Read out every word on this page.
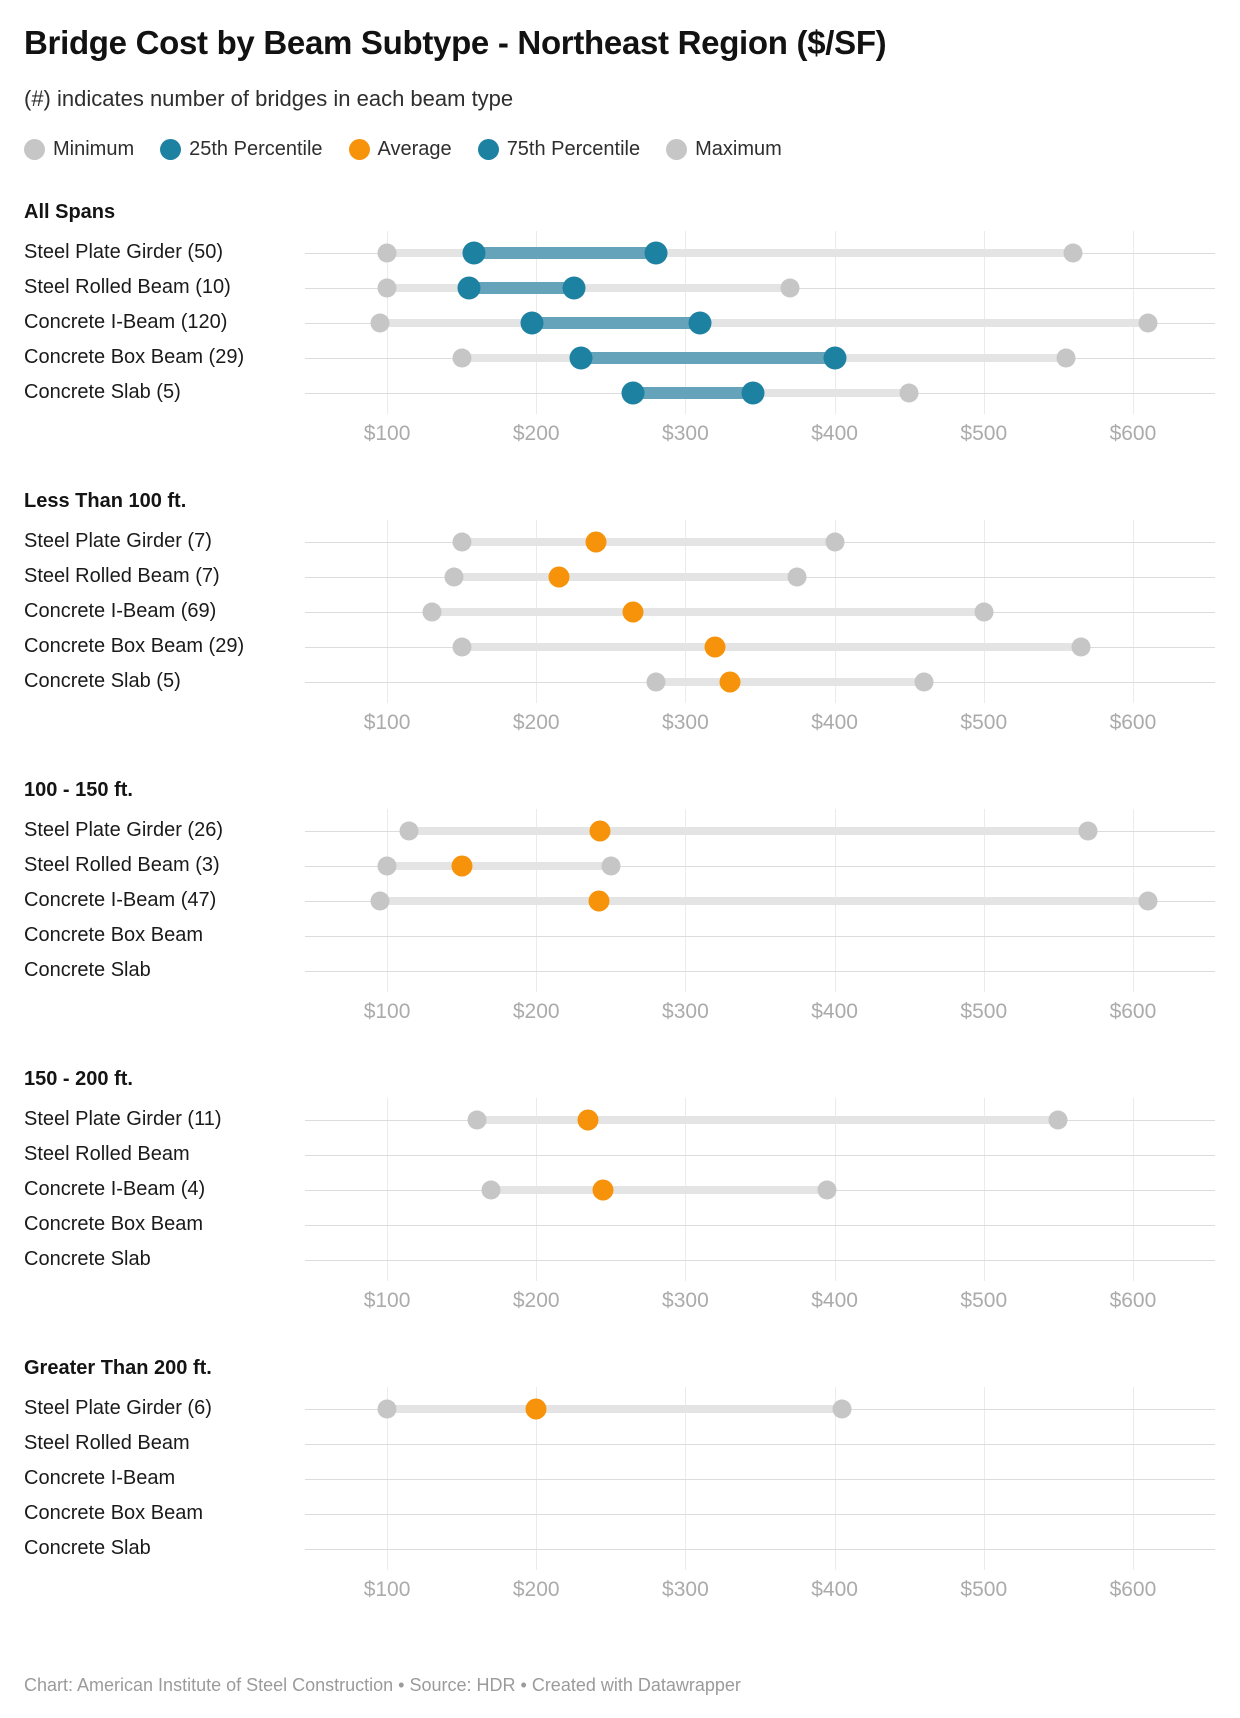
Bridge Cost by Beam Subtype - Northeast Region ($/SF)

(#) indicates number of bridges in each beam type

Minimum	25th Percentile	Average	75th Percentile	Maximum
All Spans
Steel Plate Girder (50)
Steel Rolled Beam (10)
Concrete I-Beam (120)
Concrete Box Beam (29)
Concrete Slab (5)
$100	$200	$300	$400	$500	$600
Less Than 100 ft.
Steel Plate Girder (7)
Steel Rolled Beam (7)
Concrete I-Beam (69)
Concrete Box Beam (29)
Concrete Slab (5)
$100	$200	$300	$400	$500	$600
100 - 150 ft.
Steel Plate Girder (26)
Steel Rolled Beam (3)
Concrete I-Beam (47)
Concrete Box Beam
Concrete Slab
$100	$200	$300	$400	$500	$600
150 - 200 ft.
Steel Plate Girder (11)
Steel Rolled Beam
Concrete I-Beam (4)
Concrete Box Beam
Concrete Slab
$100	$200	$300	$400	$500	$600
Greater Than 200 ft.
Steel Plate Girder (6)
Steel Rolled Beam
Concrete I-Beam
Concrete Box Beam
Concrete Slab
$100	$200	$300	$400	$500	$600
Chart: American Institute of Steel Construction • Source: HDR • Created with Datawrapper
